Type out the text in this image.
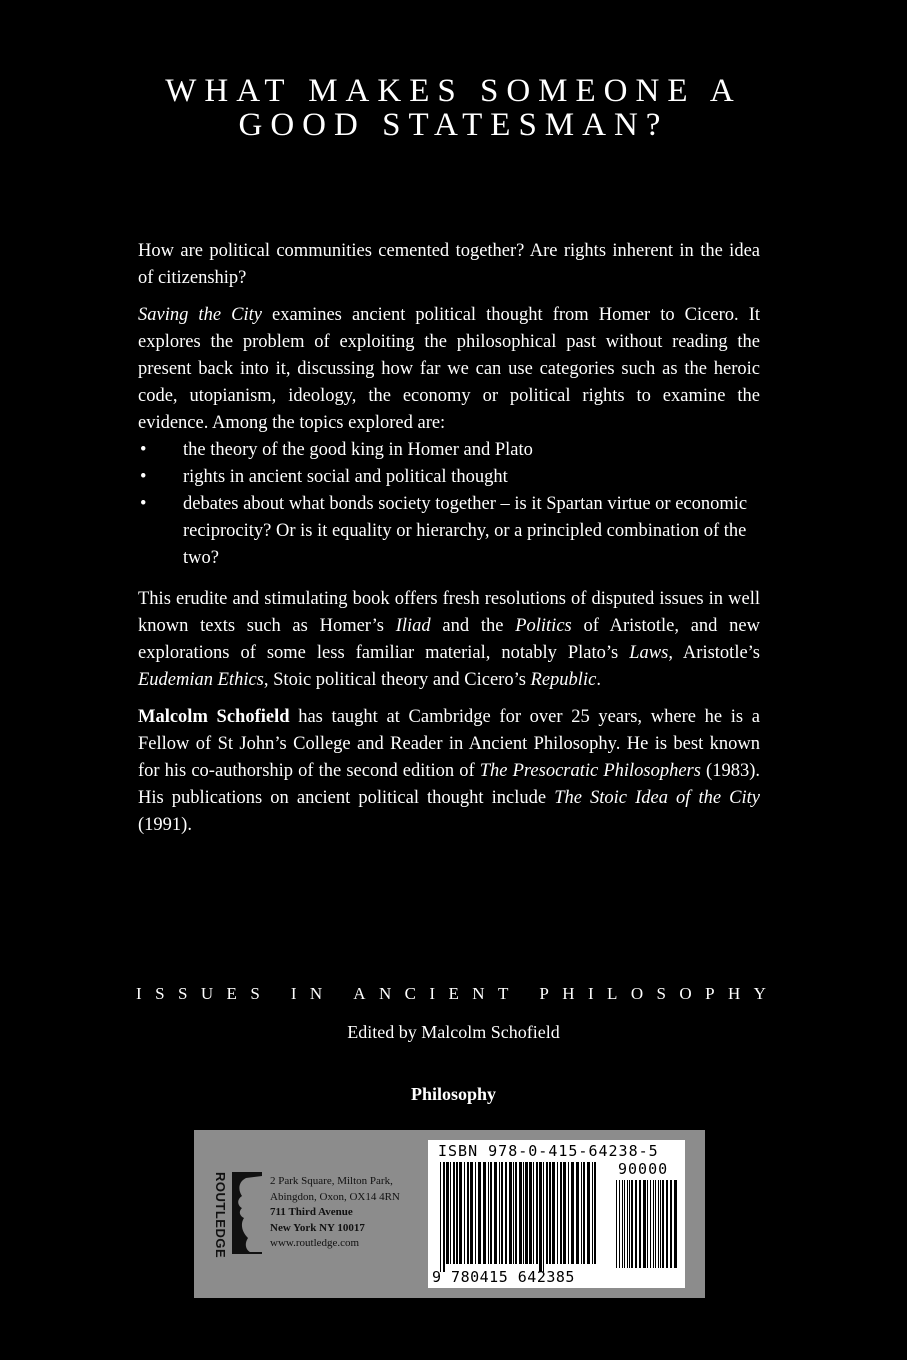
WHAT MAKES SOMEONE A
GOOD STATESMAN?

How are political communities cemented together? Are rights inherent in the idea of citizenship?

Saving the City examines ancient political thought from Homer to Cicero. It explores the problem of exploiting the philosophical past without reading the present back into it, discussing how far we can use categories such as the heroic code, utopianism, ideology, the economy or political rights to examine the evidence. Among the topics explored are:

• the theory of the good king in Homer and Plato
• rights in ancient social and political thought
• debates about what bonds society together – is it Spartan virtue or economic reciprocity? Or is it equality or hierarchy, or a principled combination of the two?

This erudite and stimulating book offers fresh resolutions of disputed issues in well known texts such as Homer’s Iliad and the Politics of Aristotle, and new explorations of some less familiar material, notably Plato’s Laws, Aristotle’s Eudemian Ethics, Stoic political theory and Cicero’s Republic.

Malcolm Schofield has taught at Cambridge for over 25 years, where he is a Fellow of St John’s College and Reader in Ancient Philosophy. He is best known for his co-authorship of the second edition of The Presocratic Philosophers (1983). His publications on ancient political thought include The Stoic Idea of the City (1991).

I S S U E S
I N
A N C I E N T
P H I L O S O P H Y
Edited by Malcolm Schofield
Philosophy
ROUTLEDGE	2 Park Square, Milton Park,
Abingdon, Oxon, OX14 4RN
711 Third Avenue
New York NY 10017
www.routledge.com
ISBN 978-0-415-64238-5
90000
9 780415 642385
